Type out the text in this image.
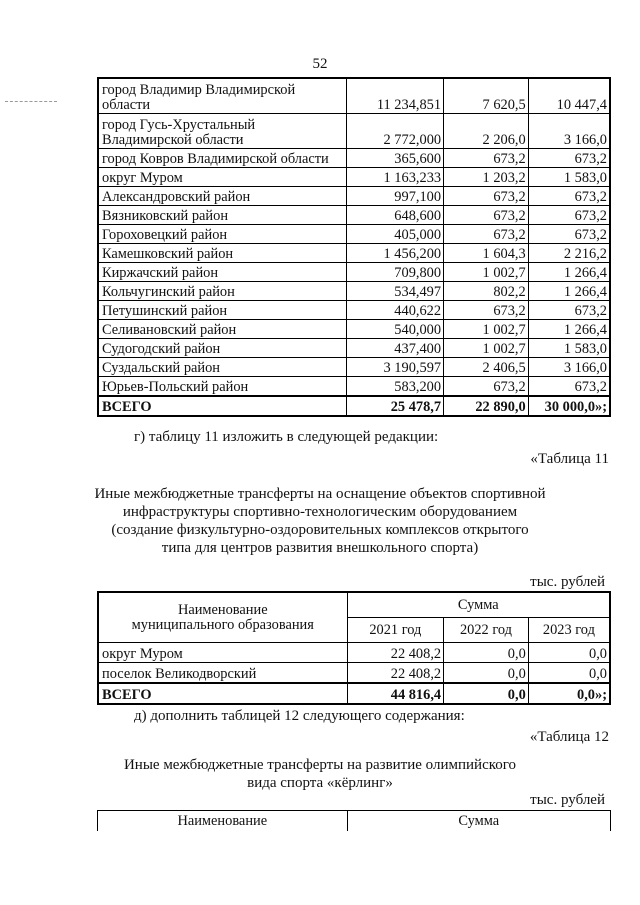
52
город Владимир Владимирской области	11 234,851	7 620,5	10 447,4
город Гусь-Хрустальный Владимирской области	2 772,000	2 206,0	3 166,0
город Ковров Владимирской области	365,600	673,2	673,2
округ Муром	1 163,233	1 203,2	1 583,0
Александровский район	997,100	673,2	673,2
Вязниковский район	648,600	673,2	673,2
Гороховецкий район	405,000	673,2	673,2
Камешковский район	1 456,200	1 604,3	2 216,2
Киржачский район	709,800	1 002,7	1 266,4
Кольчугинский район	534,497	802,2	1 266,4
Петушинский район	440,622	673,2	673,2
Селивановский район	540,000	1 002,7	1 266,4
Судогодский район	437,400	1 002,7	1 583,0
Суздальский район	3 190,597	2 406,5	3 166,0
Юрьев-Польский район	583,200	673,2	673,2
ВСЕГО	25 478,7	22 890,0	30 000,0»;
г) таблицу 11 изложить в следующей редакции:
«Таблица 11
Иные межбюджетные трансферты на оснащение объектов спортивной
инфраструктуры спортивно-технологическим оборудованием
(создание физкультурно-оздоровительных комплексов открытого
типа для центров развития внешкольного спорта)
тыс. рублей
Наименование
муниципального образования	Сумма		
	2021 год	2022 год	2023 год
округ Муром	22 408,2	0,0	0,0
поселок Великодворский	22 408,2	0,0	0,0
ВСЕГО	44 816,4	0,0	0,0»;
д) дополнить таблицей 12 следующего содержания:
«Таблица 12
Иные межбюджетные трансферты на развитие олимпийского
вида спорта «кёрлинг»
тыс. рублей
Наименование	Сумма
